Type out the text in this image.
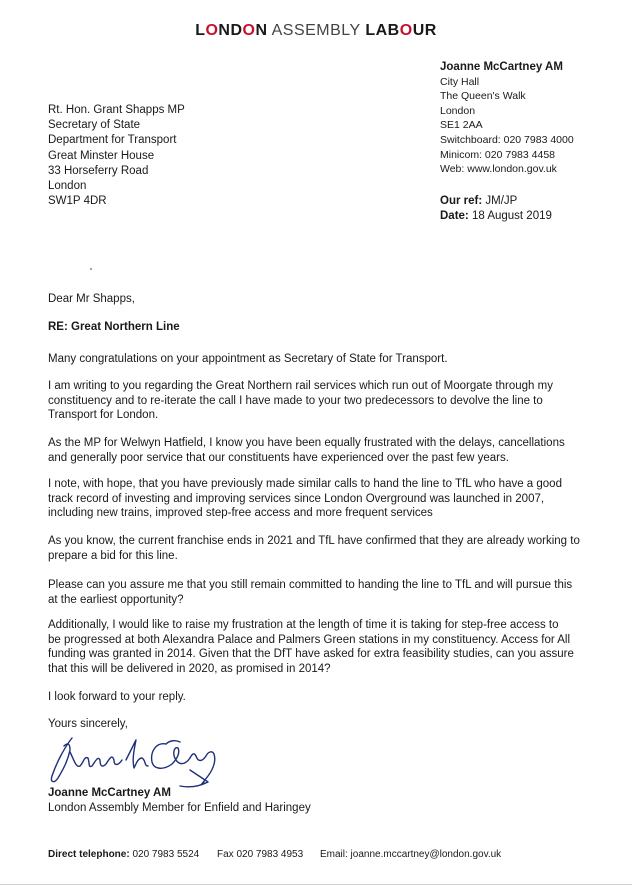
LONDON ASSEMBLY LABOUR
Joanne McCartney AM
City Hall
The Queen's Walk
London
SE1 2AA
Switchboard: 020 7983 4000
Minicom: 020 7983 4458
Web: www.london.gov.uk
Our ref: JM/JP
Date: 18 August 2019
Rt. Hon. Grant Shapps MP
Secretary of State
Department for Transport
Great Minster House
33 Horseferry Road
London
SW1P 4DR
Dear Mr Shapps,
RE: Great Northern Line
Many congratulations on your appointment as Secretary of State for Transport.
I am writing to you regarding the Great Northern rail services which run out of Moorgate through my
constituency and to re-iterate the call I have made to your two predecessors to devolve the line to
Transport for London.
As the MP for Welwyn Hatfield, I know you have been equally frustrated with the delays, cancellations
and generally poor service that our constituents have experienced over the past few years.
I note, with hope, that you have previously made similar calls to hand the line to TfL who have a good
track record of investing and improving services since London Overground was launched in 2007,
including new trains, improved step-free access and more frequent services
As you know, the current franchise ends in 2021 and TfL have confirmed that they are already working to
prepare a bid for this line.
Please can you assure me that you still remain committed to handing the line to TfL and will pursue this
at the earliest opportunity?
Additionally, I would like to raise my frustration at the length of time it is taking for step-free access to
be progressed at both Alexandra Palace and Palmers Green stations in my constituency. Access for All
funding was granted in 2014. Given that the DfT have asked for extra feasibility studies, can you assure
that this will be delivered in 2020, as promised in 2014?
I look forward to your reply.
Yours sincerely,
Joanne McCartney AM
London Assembly Member for Enfield and Haringey
Direct telephone: 020 7983 5524 Fax 020 7983 4953 Email: joanne.mccartney@london.gov.uk
